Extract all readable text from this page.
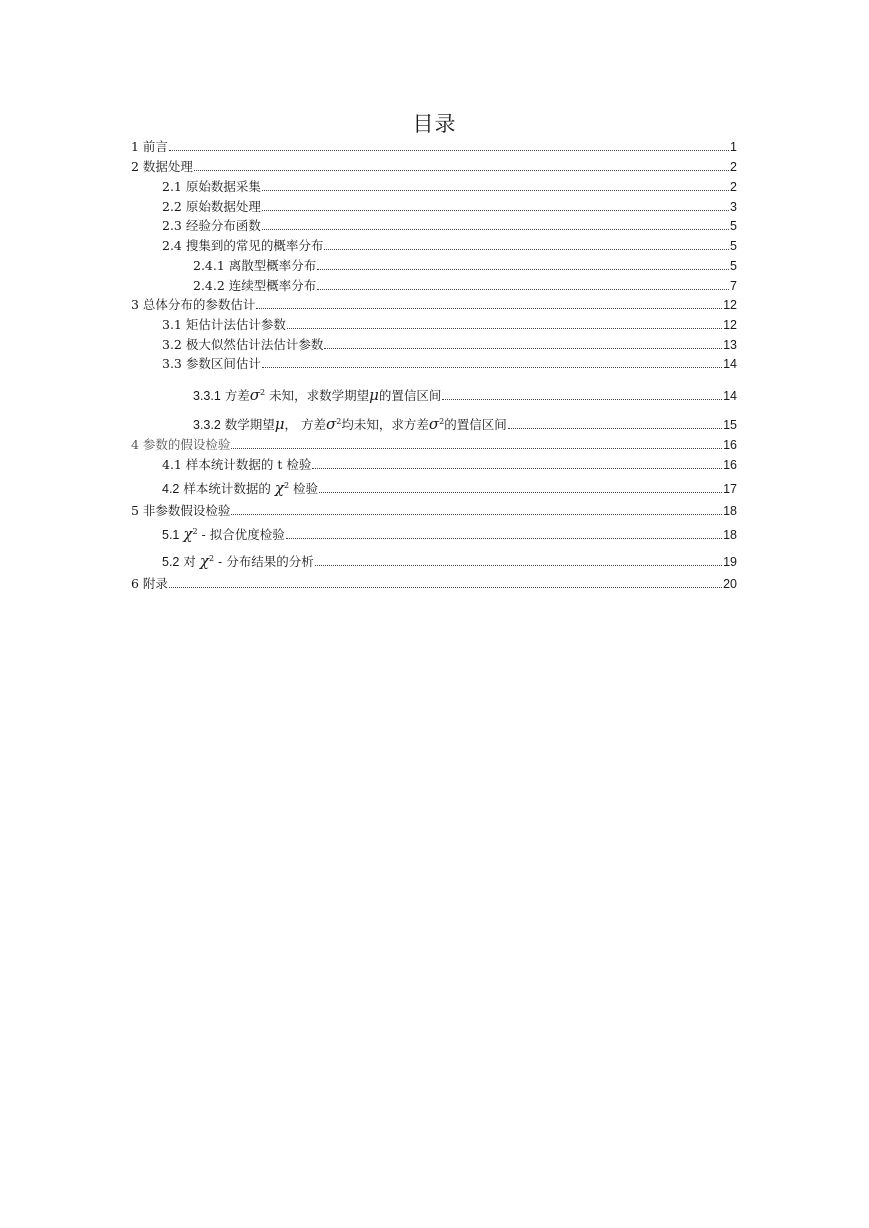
目录
1 前言	1
2 数据处理	2
2.1 原始数据采集	2
2.2 原始数据处理	3
2.3 经验分布函数	5
2.4 搜集到的常见的概率分布	5
2.4.1 离散型概率分布	5
2.4.2 连续型概率分布	7
3 总体分布的参数估计	12
3.1 矩估计法估计参数	12
3.2 极大似然估计法估计参数	13
3.3 参数区间估计	14
3.3.1 方差$\sigma^2$ 未知，求数学期望μ的置信区间	14
3.3.2 数学期望μ， 方差$\sigma^2$均未知，求方差$\sigma^2$的置信区间	15
4 参数的假设检验	16
4.1 样本统计数据的 t 检验	16
4.2 样本统计数据的 $\chi^2$ 检验	17
5 非参数假设检验	18
5.1 $\chi^2$ - 拟合优度检验	18
5.2 对 $\chi^2$ - 分布结果的分析	19
6 附录	20
